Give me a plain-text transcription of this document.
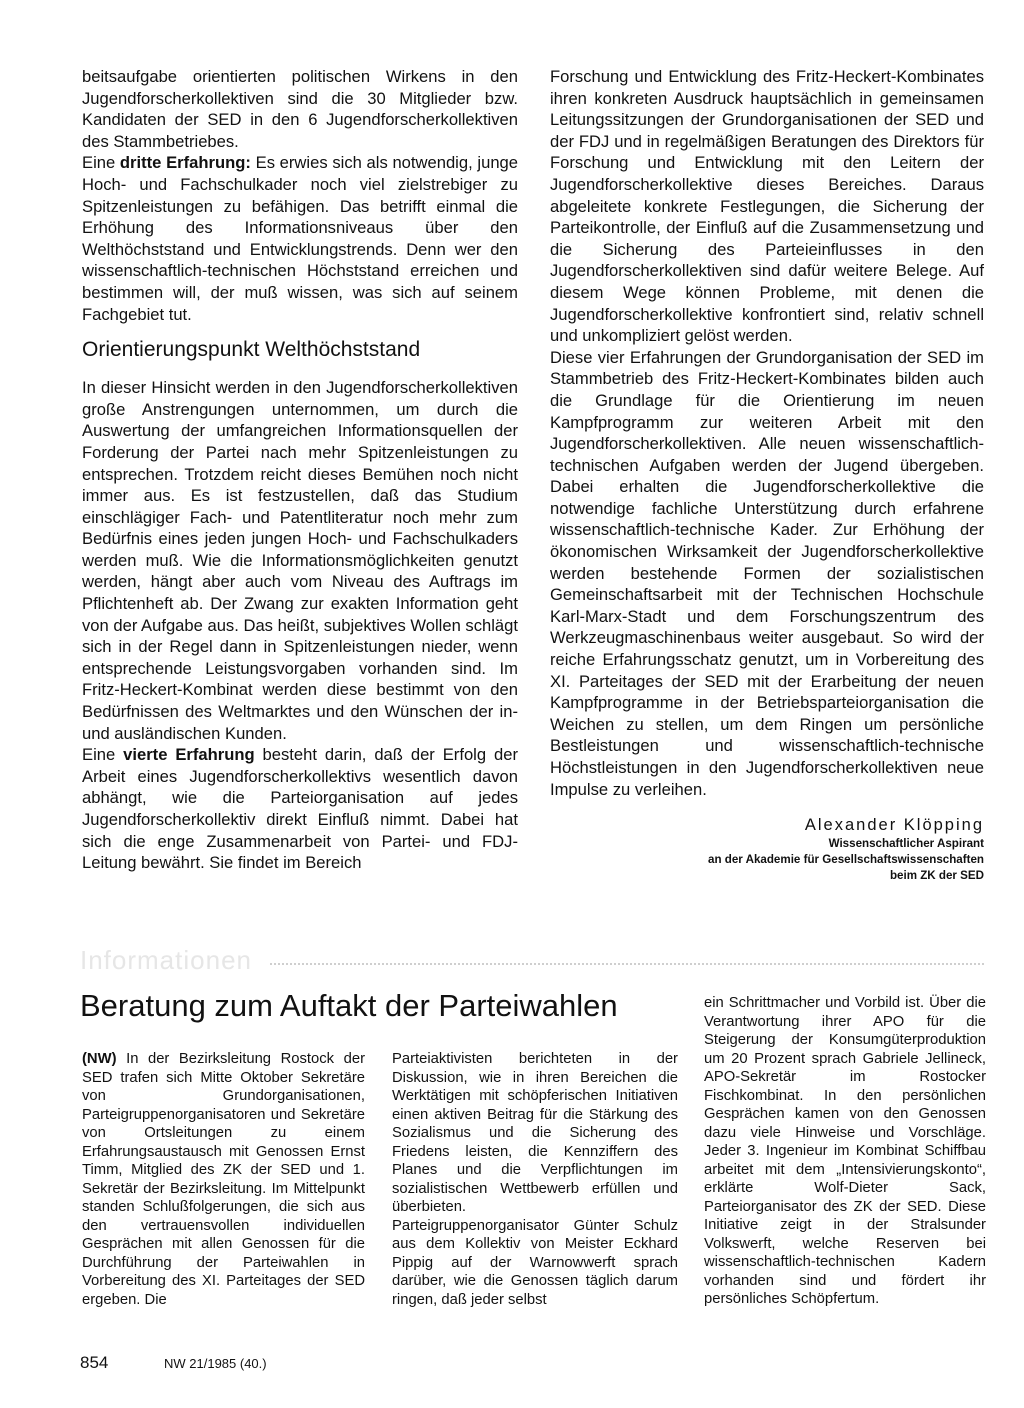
beitsaufgabe orientierten politischen Wirkens in den Jugendforscherkollektiven sind die 30 Mitglieder bzw. Kandidaten der SED in den 6 Jugendforscherkollektiven des Stammbetriebes.

Eine dritte Erfahrung: Es erwies sich als notwendig, junge Hoch- und Fachschulkader noch viel zielstrebiger zu Spitzenleistungen zu befähigen. Das betrifft einmal die Erhöhung des Informationsniveaus über den Welthöchststand und Entwicklungstrends. Denn wer den wissenschaftlich-technischen Höchststand erreichen und bestimmen will, der muß wissen, was sich auf seinem Fachgebiet tut.

Orientierungspunkt Welthöchststand

In dieser Hinsicht werden in den Jugendforscherkollektiven große Anstrengungen unternommen, um durch die Auswertung der umfangreichen Informationsquellen der Forderung der Partei nach mehr Spitzenleistungen zu entsprechen. Trotzdem reicht dieses Bemühen noch nicht immer aus. Es ist festzustellen, daß das Studium einschlägiger Fach- und Patentliteratur noch mehr zum Bedürfnis eines jeden jungen Hoch- und Fachschulkaders werden muß. Wie die Informationsmöglichkeiten genutzt werden, hängt aber auch vom Niveau des Auftrags im Pflichtenheft ab. Der Zwang zur exakten Information geht von der Aufgabe aus. Das heißt, subjektives Wollen schlägt sich in der Regel dann in Spitzenleistungen nieder, wenn entsprechende Leistungsvorgaben vorhanden sind. Im Fritz-Heckert-Kombinat werden diese bestimmt von den Bedürfnissen des Weltmarktes und den Wünschen der in- und ausländischen Kunden.

Eine vierte Erfahrung besteht darin, daß der Erfolg der Arbeit eines Jugendforscherkollektivs wesentlich davon abhängt, wie die Parteiorganisation auf jedes Jugendforscherkollektiv direkt Einfluß nimmt. Dabei hat sich die enge Zusammenarbeit von Partei- und FDJ-Leitung bewährt. Sie findet im Bereich

Forschung und Entwicklung des Fritz-Heckert-Kombinates ihren konkreten Ausdruck hauptsächlich in gemeinsamen Leitungssitzungen der Grundorganisationen der SED und der FDJ und in regelmäßigen Beratungen des Direktors für Forschung und Entwicklung mit den Leitern der Jugendforscherkollektive dieses Bereiches. Daraus abgeleitete konkrete Festlegungen, die Sicherung der Parteikontrolle, der Einfluß auf die Zusammensetzung und die Sicherung des Parteieinflusses in den Jugendforscherkollektiven sind dafür weitere Belege. Auf diesem Wege können Probleme, mit denen die Jugendforscherkollektive konfrontiert sind, relativ schnell und unkompliziert gelöst werden.

Diese vier Erfahrungen der Grundorganisation der SED im Stammbetrieb des Fritz-Heckert-Kombinates bilden auch die Grundlage für die Orientierung im neuen Kampfprogramm zur weiteren Arbeit mit den Jugendforscherkollektiven. Alle neuen wissenschaftlich-technischen Aufgaben werden der Jugend übergeben. Dabei erhalten die Jugendforscherkollektive die notwendige fachliche Unterstützung durch erfahrene wissenschaftlich-technische Kader. Zur Erhöhung der ökonomischen Wirksamkeit der Jugendforscherkollektive werden bestehende Formen der sozialistischen Gemeinschaftsarbeit mit der Technischen Hochschule Karl-Marx-Stadt und dem Forschungszentrum des Werkzeugmaschinenbaus weiter ausgebaut. So wird der reiche Erfahrungsschatz genutzt, um in Vorbereitung des XI. Parteitages der SED mit der Erarbeitung der neuen Kampfprogramme in der Betriebsparteiorganisation die Weichen zu stellen, um dem Ringen um persönliche Bestleistungen und wissenschaftlich-technische Höchstleistungen in den Jugendforscherkollektiven neue Impulse zu verleihen.

Alexander Klöpping
Wissenschaftlicher Aspirant
an der Akademie für Gesellschaftswissenschaften
beim ZK der SED
Informationen
Beratung zum Auftakt der Parteiwahlen

(NW) In der Bezirksleitung Rostock der SED trafen sich Mitte Oktober Sekretäre von Grundorganisationen, Parteigruppenorganisatoren und Sekretäre von Ortsleitungen zu einem Erfahrungsaustausch mit Genossen Ernst Timm, Mitglied des ZK der SED und 1. Sekretär der Bezirksleitung. Im Mittelpunkt standen Schlußfolgerungen, die sich aus den vertrauensvollen individuellen Gesprächen mit allen Genossen für die Durchführung der Parteiwahlen in Vorbereitung des XI. Parteitages der SED ergeben. Die

Parteiaktivisten berichteten in der Diskussion, wie in ihren Bereichen die Werktätigen mit schöpferischen Initiativen einen aktiven Beitrag für die Stärkung des Sozialismus und die Sicherung des Friedens leisten, die Kennziffern des Planes und die Verpflichtungen im sozialistischen Wettbewerb erfüllen und überbieten.

Parteigruppenorganisator Günter Schulz aus dem Kollektiv von Meister Eckhard Pippig auf der Warnowwerft sprach darüber, wie die Genossen täglich darum ringen, daß jeder selbst

ein Schrittmacher und Vorbild ist. Über die Verantwortung ihrer APO für die Steigerung der Konsumgüterproduktion um 20 Prozent sprach Gabriele Jellineck, APO-Sekretär im Rostocker Fischkombinat. In den persönlichen Gesprächen kamen von den Genossen dazu viele Hinweise und Vorschläge. Jeder 3. Ingenieur im Kombinat Schiffbau arbeitet mit dem „Intensivierungskonto“, erklärte Wolf-Dieter Sack, Parteiorganisator des ZK der SED. Diese Initiative zeigt in der Stralsunder Volkswerft, welche Reserven bei wissenschaftlich-technischen Kadern vorhanden sind und fördert ihr persönliches Schöpfertum.

854	NW 21/1985 (40.)
